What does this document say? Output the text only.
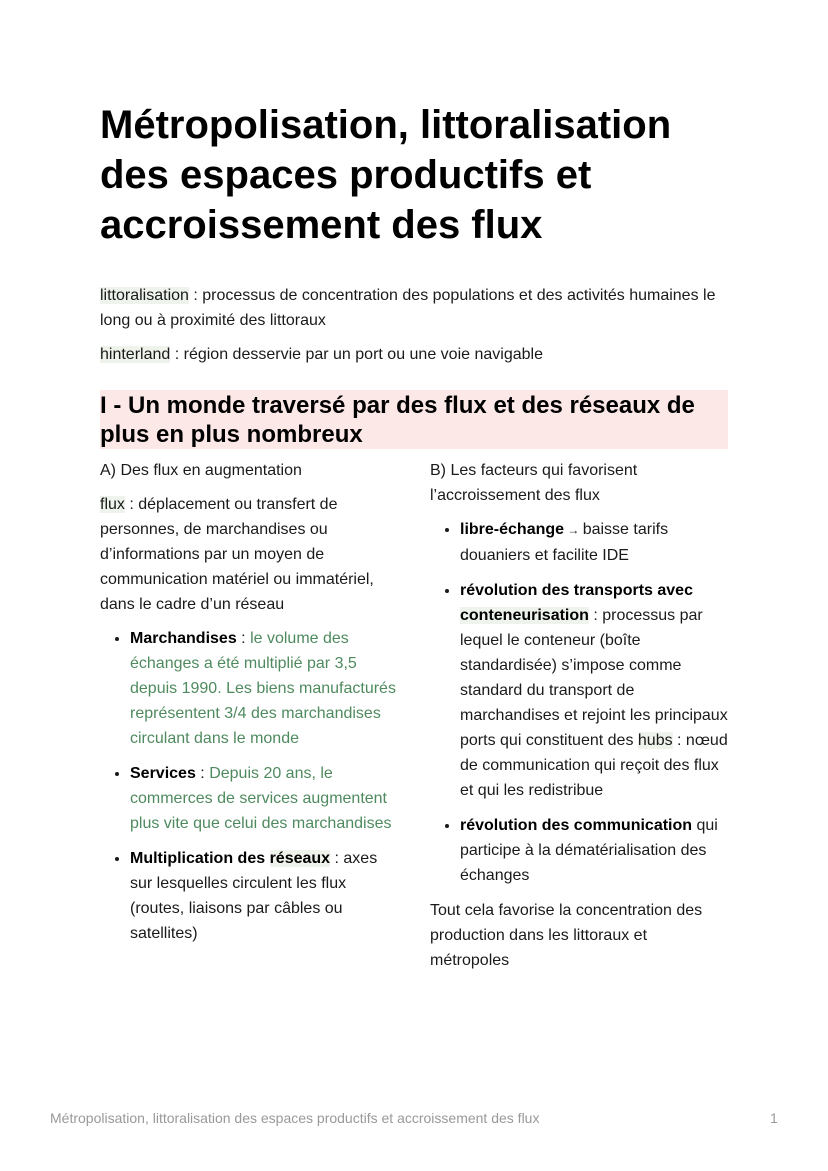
Métropolisation, littoralisation des espaces productifs et accroissement des flux

littoralisation : processus de concentration des populations et des activités humaines le long ou à proximité des littoraux

hinterland : région desservie par un port ou une voie navigable

I - Un monde traversé par des flux et des réseaux de plus en plus nombreux

A) Des flux en augmentation

flux : déplacement ou transfert de personnes, de marchandises ou d’informations par un moyen de communication matériel ou immatériel, dans le cadre d’un réseau

• Marchandises : le volume des échanges a été multiplié par 3,5 depuis 1990. Les biens manufacturés représentent 3/4 des marchandises circulant dans le monde
• Services : Depuis 20 ans, le commerces de services augmentent plus vite que celui des marchandises
• Multiplication des réseaux : axes sur lesquelles circulent les flux (routes, liaisons par câbles ou satellites)

B) Les facteurs qui favorisent l’accroissement des flux

• libre-échange → baisse tarifs douaniers et facilite IDE
• révolution des transports avec conteneurisation : processus par lequel le conteneur (boîte standardisée) s’impose comme standard du transport de marchandises et rejoint les principaux ports qui constituent des hubs : nœud de communication qui reçoit des flux et qui les redistribue
• révolution des communication qui participe à la dématérialisation des échanges

Tout cela favorise la concentration des production dans les littoraux et métropoles

Métropolisation, littoralisation des espaces productifs et accroissement des flux	1
